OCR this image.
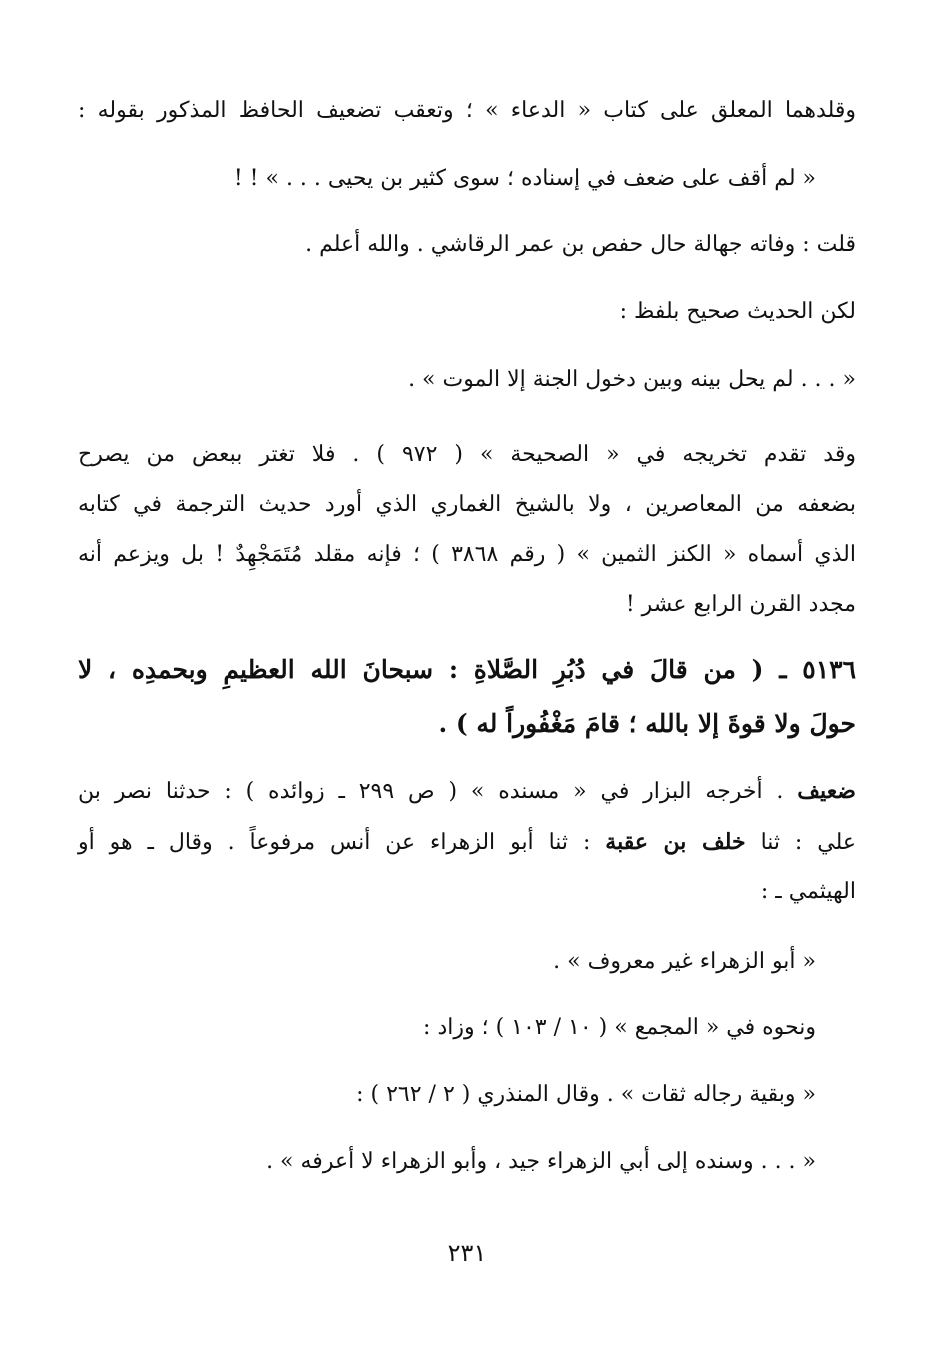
وقلدهما المعلق على كتاب « الدعاء » ؛ وتعقب تضعيف الحافظ المذكور بقوله :
« لم أقف على ضعف في إسناده ؛ سوى كثير بن يحيى . . . » ! !
قلت : وفاته جهالة حال حفص بن عمر الرقاشي . والله أعلم .
لكن الحديث صحيح بلفظ :
« . . . لم يحل بينه وبين دخول الجنة إلا الموت » .
وقد تقدم تخريجه في « الصحيحة » ( ٩٧٢ ) . فلا تغتر ببعض من يصرح
بضعفه من المعاصرين ، ولا بالشيخ الغماري الذي أورد حديث الترجمة في كتابه
الذي أسماه « الكنز الثمين » ( رقم ٣٨٦٨ ) ؛ فإنه مقلد مُتَمَجْهِدٌ ! بل ويزعم أنه
مجدد القرن الرابع عشر !
٥١٣٦ ـ ( من قالَ في دُبُرِ الصَّلاةِ : سبحانَ الله العظيمِ وبحمدِه ، لا
حولَ ولا قوةَ إلا بالله ؛ قامَ مَغْفُوراً له ) .
ضعيف . أخرجه البزار في « مسنده » ( ص ٢٩٩ ـ زوائده ) : حدثنا نصر بن
علي : ثنا خلف بن عقبة : ثنا أبو الزهراء عن أنس مرفوعاً . وقال ـ هو أو
الهيثمي ـ :
« أبو الزهراء غير معروف » .
ونحوه في « المجمع » ( ١٠ / ١٠٣ ) ؛ وزاد :
« وبقية رجاله ثقات » . وقال المنذري ( ٢ / ٢٦٢ ) :
« . . . وسنده إلى أبي الزهراء جيد ، وأبو الزهراء لا أعرفه » .
٢٣١
